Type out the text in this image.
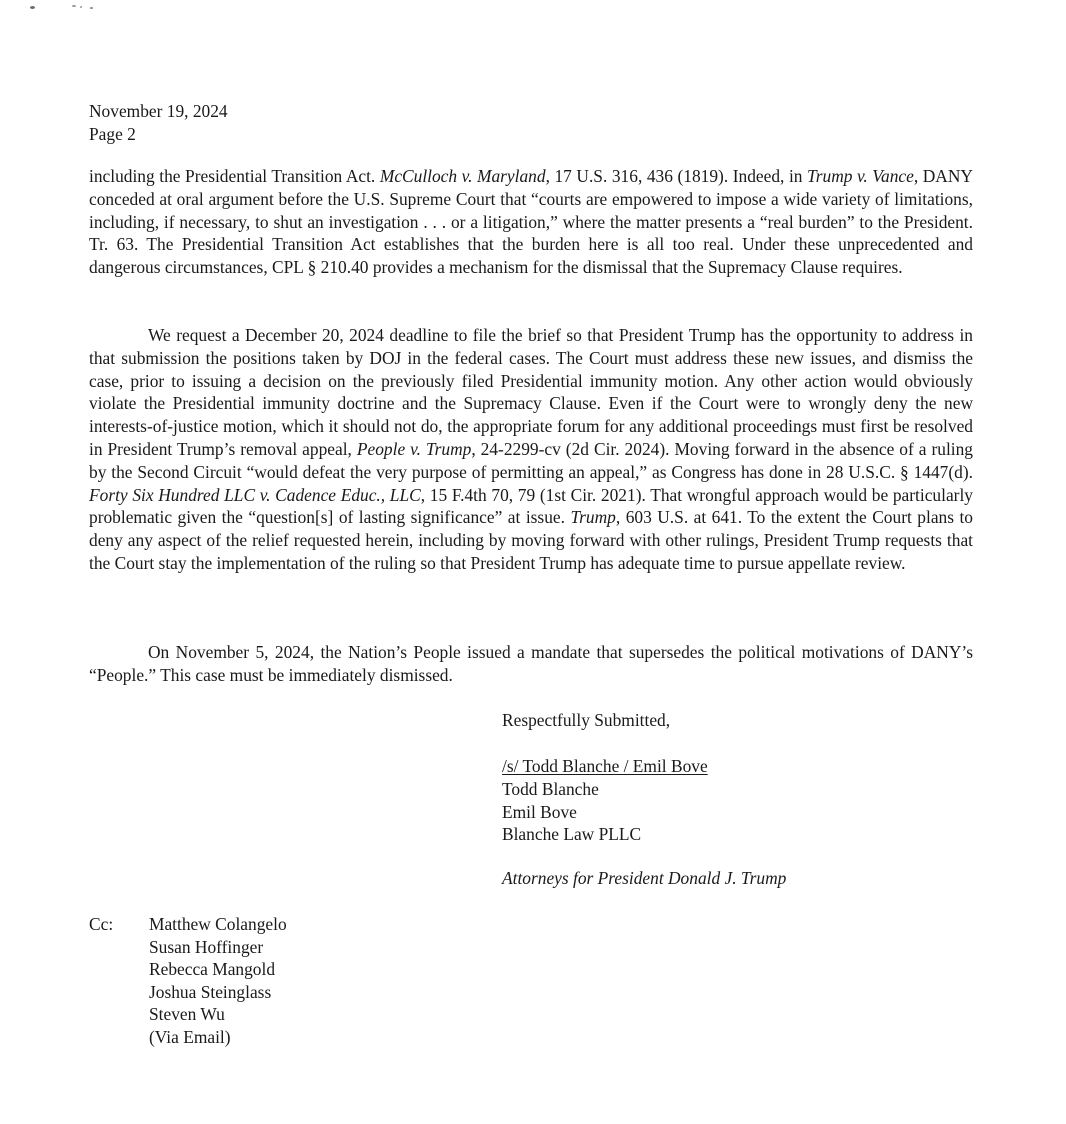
November 19, 2024
Page 2

including the Presidential Transition Act. McCulloch v. Maryland, 17 U.S. 316, 436 (1819). Indeed, in Trump v. Vance, DANY conceded at oral argument before the U.S. Supreme Court that “courts are empowered to impose a wide variety of limitations, including, if necessary, to shut an investigation . . . or a litigation,” where the matter presents a “real burden” to the President. Tr. 63. The Presidential Transition Act establishes that the burden here is all too real. Under these unprecedented and dangerous circumstances, CPL § 210.40 provides a mechanism for the dismissal that the Supremacy Clause requires.

We request a December 20, 2024 deadline to file the brief so that President Trump has the opportunity to address in that submission the positions taken by DOJ in the federal cases. The Court must address these new issues, and dismiss the case, prior to issuing a decision on the previously filed Presidential immunity motion. Any other action would obviously violate the Presidential immunity doctrine and the Supremacy Clause. Even if the Court were to wrongly deny the new interests-of-justice motion, which it should not do, the appropriate forum for any additional proceedings must first be resolved in President Trump’s removal appeal, People v. Trump, 24-2299-cv (2d Cir. 2024). Moving forward in the absence of a ruling by the Second Circuit “would defeat the very purpose of permitting an appeal,” as Congress has done in 28 U.S.C. § 1447(d). Forty Six Hundred LLC v. Cadence Educ., LLC, 15 F.4th 70, 79 (1st Cir. 2021). That wrongful approach would be particularly problematic given the “question[s] of lasting significance” at issue. Trump, 603 U.S. at 641. To the extent the Court plans to deny any aspect of the relief requested herein, including by moving forward with other rulings, President Trump requests that the Court stay the implementation of the ruling so that President Trump has adequate time to pursue appellate review.

On November 5, 2024, the Nation’s People issued a mandate that supersedes the political motivations of DANY’s “People.” This case must be immediately dismissed.

Respectfully Submitted,
/s/ Todd Blanche / Emil Bove
Todd Blanche
Emil Bove
Blanche Law PLLC
Attorneys for President Donald J. Trump
Cc: Matthew Colangelo
Susan Hoffinger
Rebecca Mangold
Joshua Steinglass
Steven Wu
(Via Email)
